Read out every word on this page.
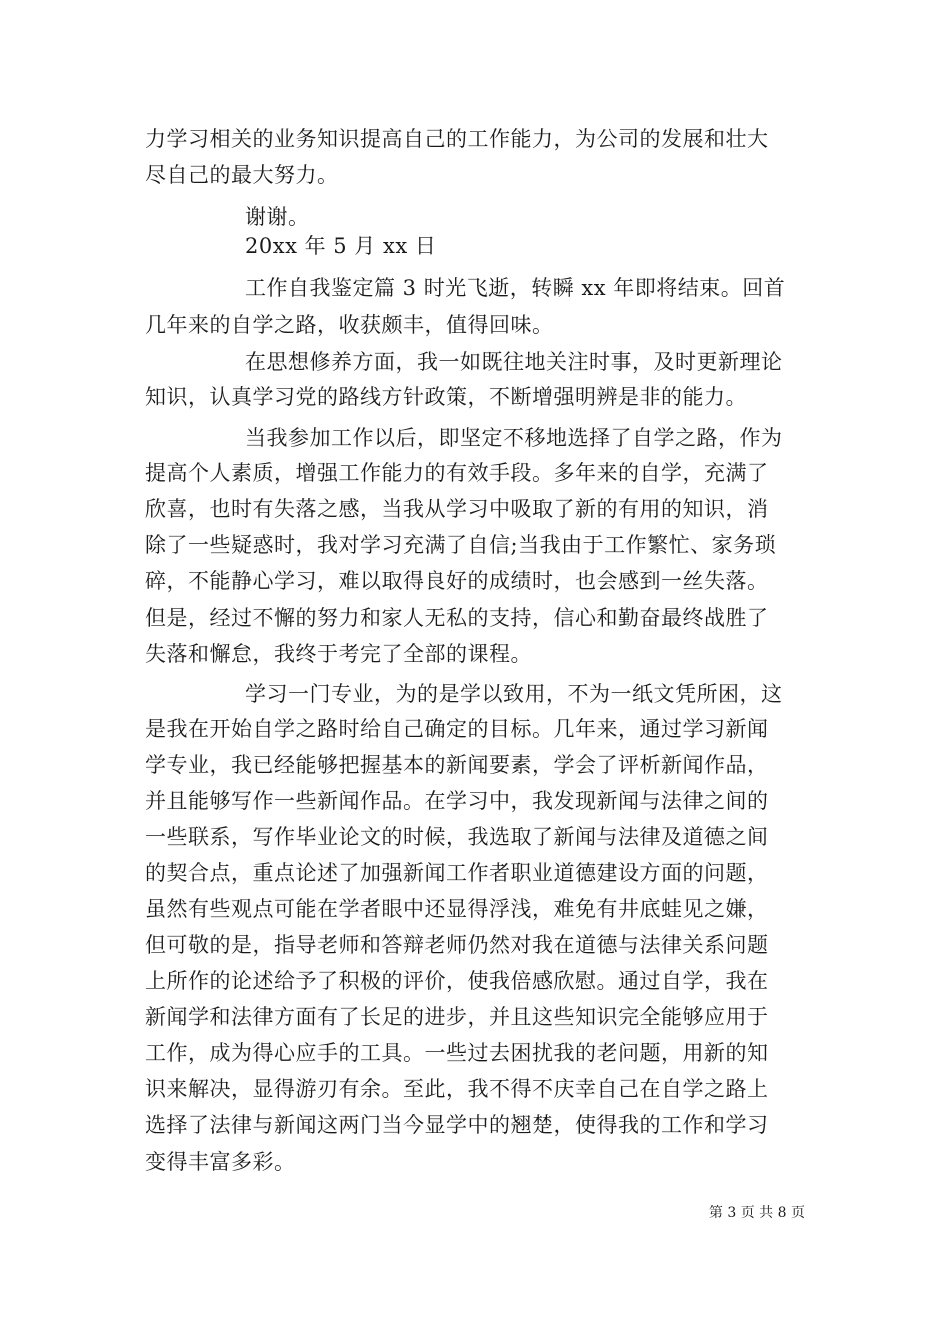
力学习相关的业务知识提高自己的工作能力，为公司的发展和壮大
尽自己的最大努力。
谢谢。
20xx 年 5 月 xx 日
工作自我鉴定篇 3 时光飞逝，转瞬 xx 年即将结束。回首
几年来的自学之路，收获颇丰，值得回味。
在思想修养方面，我一如既往地关注时事，及时更新理论
知识，认真学习党的路线方针政策，不断增强明辨是非的能力。
当我参加工作以后，即坚定不移地选择了自学之路，作为
提高个人素质，增强工作能力的有效手段。多年来的自学，充满了
欣喜，也时有失落之感，当我从学习中吸取了新的有用的知识，消
除了一些疑惑时，我对学习充满了自信;当我由于工作繁忙、家务琐
碎，不能静心学习，难以取得良好的成绩时，也会感到一丝失落。
但是，经过不懈的努力和家人无私的支持，信心和勤奋最终战胜了
失落和懈怠，我终于考完了全部的课程。
学习一门专业，为的是学以致用，不为一纸文凭所困，这
是我在开始自学之路时给自己确定的目标。几年来，通过学习新闻
学专业，我已经能够把握基本的新闻要素，学会了评析新闻作品，
并且能够写作一些新闻作品。在学习中，我发现新闻与法律之间的
一些联系，写作毕业论文的时候，我选取了新闻与法律及道德之间
的契合点，重点论述了加强新闻工作者职业道德建设方面的问题，
虽然有些观点可能在学者眼中还显得浮浅，难免有井底蛙见之嫌，
但可敬的是，指导老师和答辩老师仍然对我在道德与法律关系问题
上所作的论述给予了积极的评价，使我倍感欣慰。通过自学，我在
新闻学和法律方面有了长足的进步，并且这些知识完全能够应用于
工作，成为得心应手的工具。一些过去困扰我的老问题，用新的知
识来解决，显得游刃有余。至此，我不得不庆幸自己在自学之路上
选择了法律与新闻这两门当今显学中的翘楚，使得我的工作和学习
变得丰富多彩。
第 3 页 共 8 页
